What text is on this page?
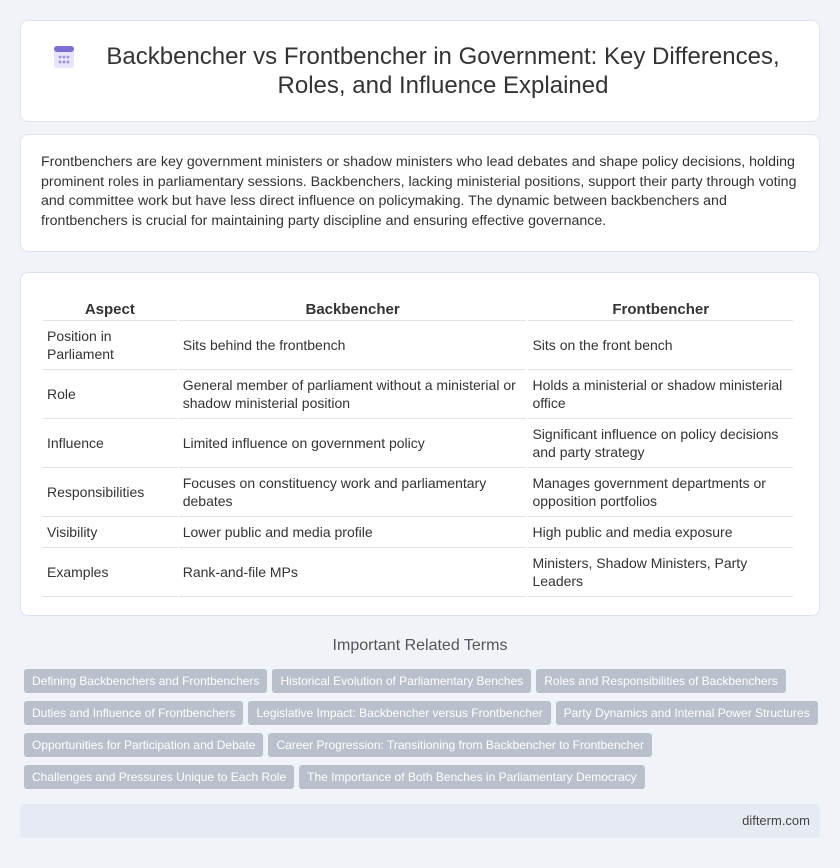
Backbencher vs Frontbencher in Government: Key Differences, Roles, and Influence Explained

Frontbenchers are key government ministers or shadow ministers who lead debates and shape policy decisions, holding prominent roles in parliamentary sessions. Backbenchers, lacking ministerial positions, support their party through voting and committee work but have less direct influence on policymaking. The dynamic between backbenchers and frontbenchers is crucial for maintaining party discipline and ensuring effective governance.

Aspect	Backbencher	Frontbencher
Position in Parliament	Sits behind the frontbench	Sits on the front bench
Role	General member of parliament without a ministerial or shadow ministerial position	Holds a ministerial or shadow ministerial office
Influence	Limited influence on government policy	Significant influence on policy decisions and party strategy
Responsibilities	Focuses on constituency work and parliamentary debates	Manages government departments or opposition portfolios
Visibility	Lower public and media profile	High public and media exposure
Examples	Rank-and-file MPs	Ministers, Shadow Ministers, Party Leaders
Important Related Terms
Defining Backbenchers and Frontbenchers Historical Evolution of Parliamentary Benches Roles and Responsibilities of Backbenchers
Duties and Influence of Frontbenchers Legislative Impact: Backbencher versus Frontbencher Party Dynamics and Internal Power Structures
Opportunities for Participation and Debate Career Progression: Transitioning from Backbencher to Frontbencher
Challenges and Pressures Unique to Each Role The Importance of Both Benches in Parliamentary Democracy
difterm.com
